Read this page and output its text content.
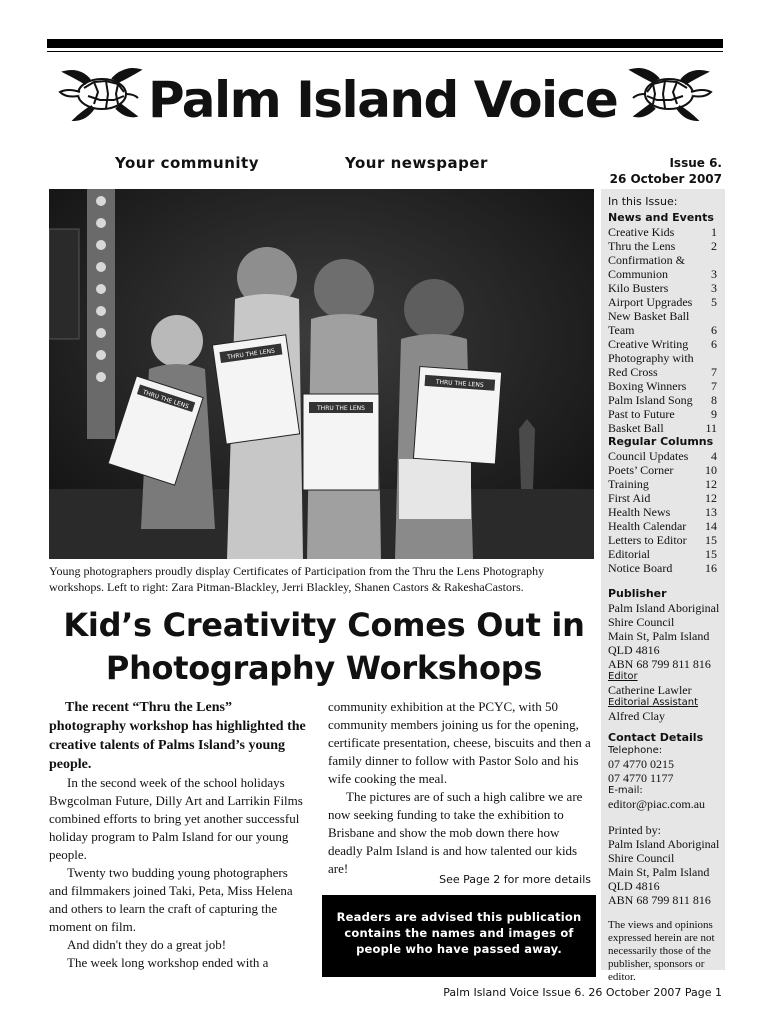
Palm Island Voice
Your community	Your newspaper	Issue 6.
26 October 2007
THRU THE LENS
THRU THE LENS
THRU THE LENS
THRU THE LENS
Young photographers proudly display Certificates of Participation from the Thru the Lens Photography workshops. Left to right: Zara Pitman-Blackley, Jerri Blackley, Shanen Castors & RakeshaCastors.
Kid’s Creativity Comes Out in Photography Workshops

The recent “Thru the Lens” photography workshop has highlighted the creative talents of Palms Island’s young people.

In the second week of the school holidays Bwgcolman Future, Dilly Art and Larrikin Films combined efforts to bring yet another successful holiday program to Palm Island for our young people.

Twenty two budding young photographers and filmmakers joined Taki, Peta, Miss Helena and others to learn the craft of capturing the moment on film.

And didn't they do a great job!

The week long workshop ended with a

community exhibition at the PCYC, with 50 community members joining us for the opening, certificate presentation, cheese, biscuits and then a family dinner to follow with Pastor Solo and his wife cooking the meal.

The pictures are of such a high calibre we are now seeking funding to take the exhibition to Brisbane and show the mob down there how deadly Palm Island is and how talented our kids are!

See Page 2 for more details
Readers are advised this publication contains the names and images of people who have passed away.
In this Issue:
News and Events
Creative Kids	1
Thru the Lens	2
Confirmation &
Communion	3
Kilo Busters	3
Airport Upgrades 5
New Basket Ball
Team	6
Creative Writing 6
Photography with
Red Cross	7
Boxing Winners 7
Palm Island Song 8
Past to Future	9
Basket Ball	11
Regular Columns
Council Updates 4
Poets’ Corner	10
Training	12
First Aid	12
Health News	13
Health Calendar 14
Letters to Editor 15
Editorial	15
Notice Board	16
Publisher
Palm Island Aboriginal
Shire Council
Main St, Palm Island
QLD 4816
ABN 68 799 811 816
Editor
Catherine Lawler
Editorial Assistant
Alfred Clay
Contact Details
Telephone:
07 4770 0215
07 4770 1177
E-mail:
editor@piac.com.au
Printed by:
Palm Island Aboriginal
Shire Council
Main St, Palm Island
QLD 4816
ABN 68 799 811 816
The views and opinions expressed herein are not necessarily those of the publisher, sponsors or editor.
Palm Island Voice Issue 6. 26 October 2007 Page 1
